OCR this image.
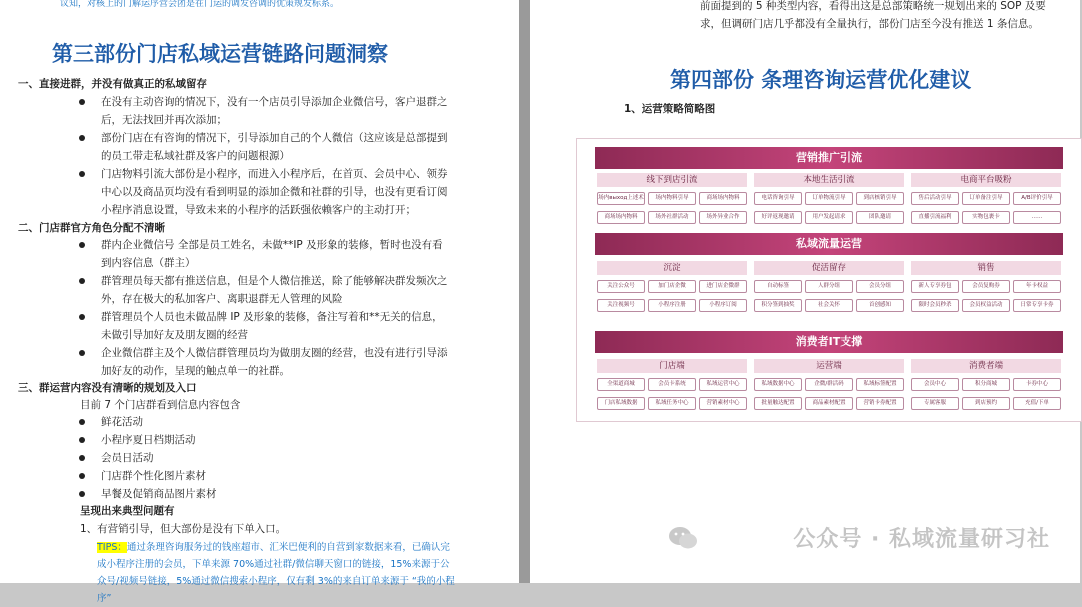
议知，对核上的门解运序营会团是在门运的调发咨调的优策规发标系。
第三部份门店私域运营链路问题洞察
一、直接进群，并没有做真正的私域留存
在没有主动咨询的情况下，没有一个店员引导添加企业微信号，客户退群之后，无法找回并再次添加；
部份门店在有咨询的情况下，引导添加自己的个人微信（这应该是总部提到的员工带走私域社群及客户的问题根源）
门店物料引流大部份是小程序，而进入小程序后，在首页、会员中心、领券中心以及商品页均没有看到明显的添加企微和社群的引导，也没有更看订阅小程序消息设置，导致未来的小程序的活跃强依赖客户的主动打开；
二、门店群官方角色分配不清晰
群内企业微信号 全部是员工姓名，未做**IP 及形象的装修，暂时也没有看到内容信息（群主）
群管理员每天都有推送信息，但是个人微信推送，除了能够解决群发频次之外，存在极大的私加客户、离职退群无人管理的风险
群管理员个人员也未做品牌 IP 及形象的装修，备注写着和**无关的信息，未做引导加好友及朋友圈的经营
企业微信群主及个人微信群管理员均为做朋友圈的经营，也没有进行引导添加好友的动作，呈现的触点单一的社群。
三、群运营内容没有清晰的规划及入口
目前 7 个门店群看到信息内容包含
鲜花活动
小程序夏日档期活动
会员日活动
门店群个性化图片素材
早餐及促销商品图片素材
呈现出来典型问题有
1、有营销引导，但大部份是没有下单入口。
TIPS：通过条理咨询服务过的钱座超市、汇米巴便利的自营到家数据来看，已确认完成小程序注册的会员，下单来源 70%通过社群/微信聊天窗口的链接，15%来源于公众号/视频号链接，5%通过微信搜索小程序，仅有剩 3%的来自订单来源于 “我的小程序”
前面提到的 5 种类型内容，看得出这是总部策略统一规划出来的 SOP 及要
求，但调研门店几乎都没有全量执行，部份门店至今没有推送 1 条信息。
第四部份 条理咨询运营优化建议
1、运营策略简略图
营销推广引流
线下到店引流	本地生活引流	电商平台吸粉
场内выход上述术	场内物料引导	商场场内物料	电话咨询引导	订单物流引导	到店核销引导	售后活动引导	订单备注引导	A/B评价引导
商场场内物料	场外社群活动	场外异业合作	好评返现邀请	用户发起请求	团队邀请	直播引流福利	实物包裹卡	……
私域流量运营
沉淀	促活留存	销售
关注公众号	加门店企微	进门店企微群	自动标签	人群分组	会员分组	新人专享券包	会员复购券	年卡权益
关注视频号	小程序注册	小程序订阅	积分签到抽奖	社会关怀	首创感知	限时会员秒杀	会员权益活动	日常专享卡券
消费者IT支撑
门店端	运营端	消费者端
全渠道商城	会员卡系统	私域运营中心	私域数据中心	企微/群活码	私域标签配置	会员中心	积分商城	卡券中心
门店私域数据	私域任务中心	营销素材中心	批量触达配置	商品素材配置	营销卡券配置	专属客服	到店预约	充值/下单
公众号 · 私域流量研习社
